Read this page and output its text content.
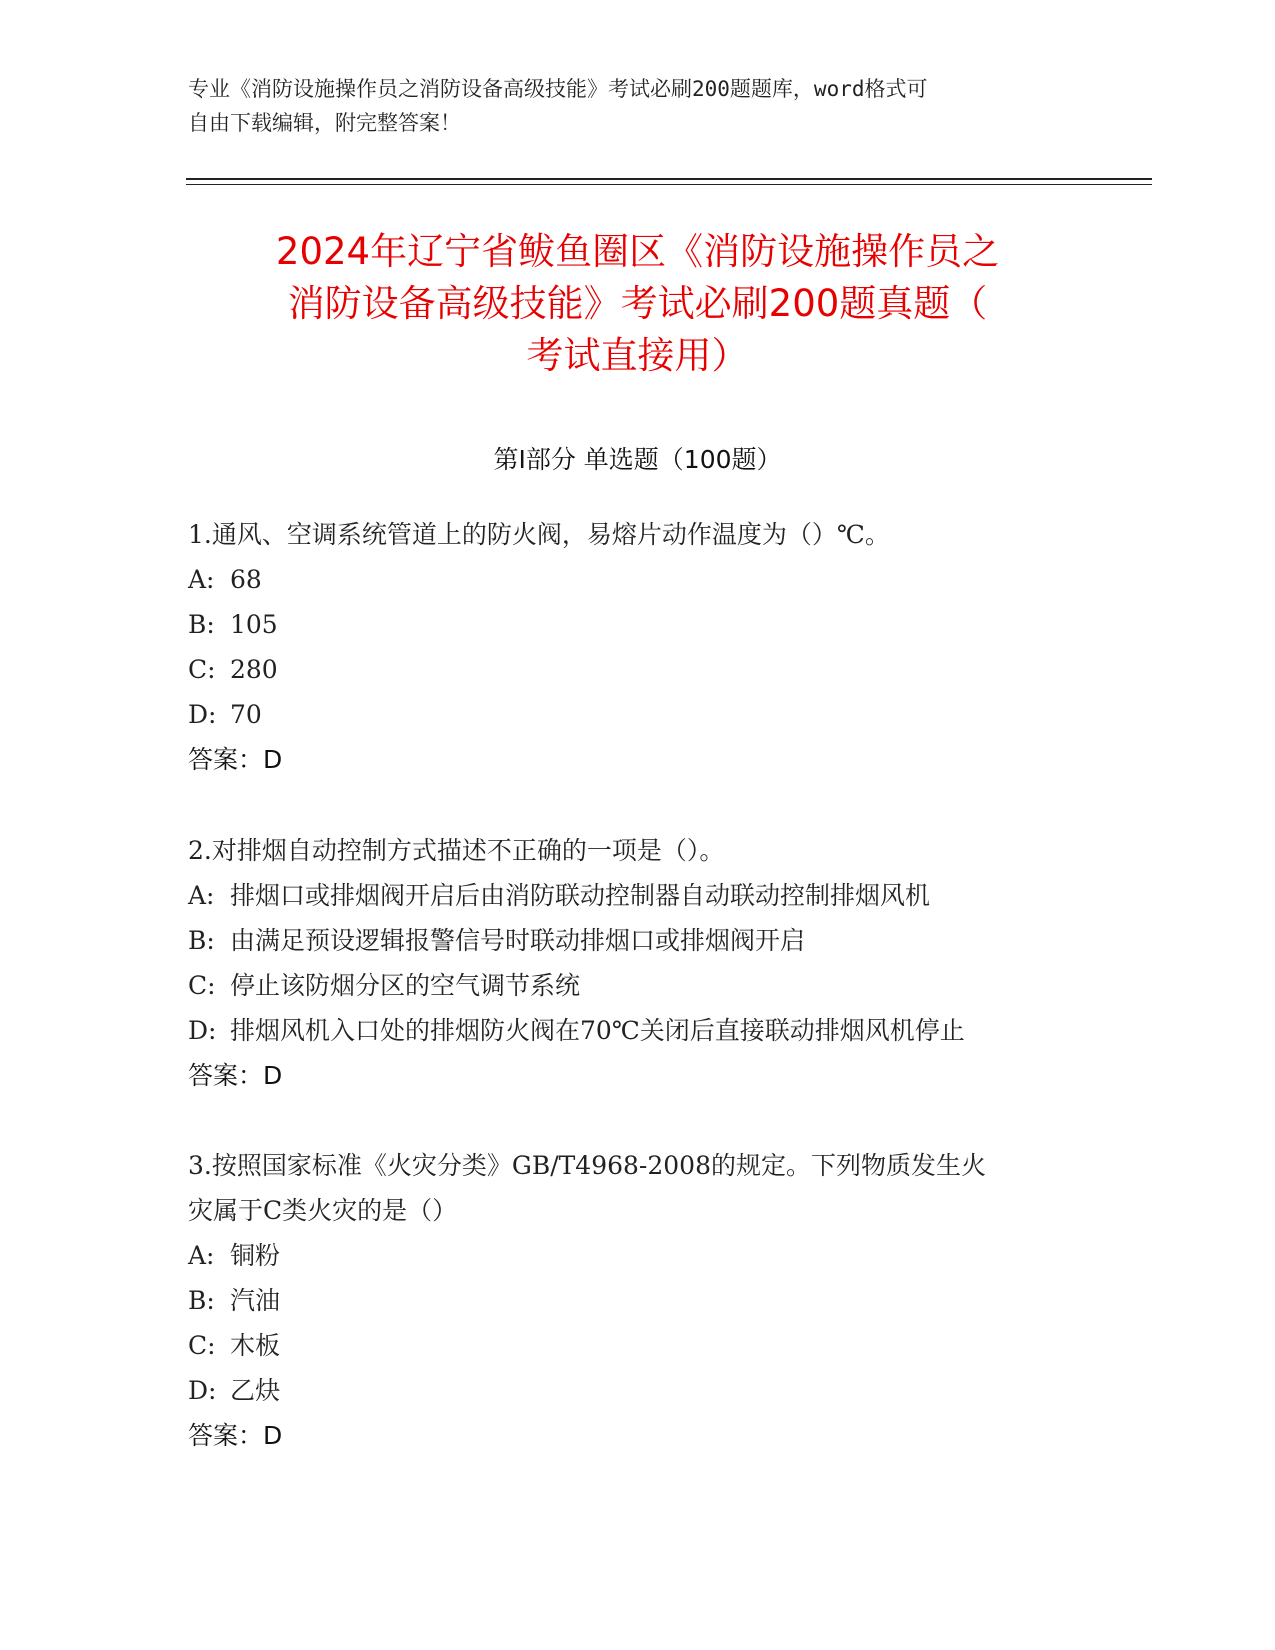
专业《消防设施操作员之消防设备高级技能》考试必刷200题题库，word格式可
自由下载编辑，附完整答案！
2024年辽宁省鲅鱼圈区《消防设施操作员之
消防设备高级技能》考试必刷200题真题（
考试直接用）
第Ⅰ部分 单选题（100题）
1.通风、空调系统管道上的防火阀，易熔片动作温度为（）℃。
A: 68
B: 105
C: 280
D: 70
答案：D
2.对排烟自动控制方式描述不正确的一项是（）。
A: 排烟口或排烟阀开启后由消防联动控制器自动联动控制排烟风机
B: 由满足预设逻辑报警信号时联动排烟口或排烟阀开启
C: 停止该防烟分区的空气调节系统
D: 排烟风机入口处的排烟防火阀在70℃关闭后直接联动排烟风机停止
答案：D
3.按照国家标准《火灾分类》GB/T4968-2008的规定。下列物质发生火
灾属于C类火灾的是（）
A: 铜粉
B: 汽油
C: 木板
D: 乙炔
答案：D
